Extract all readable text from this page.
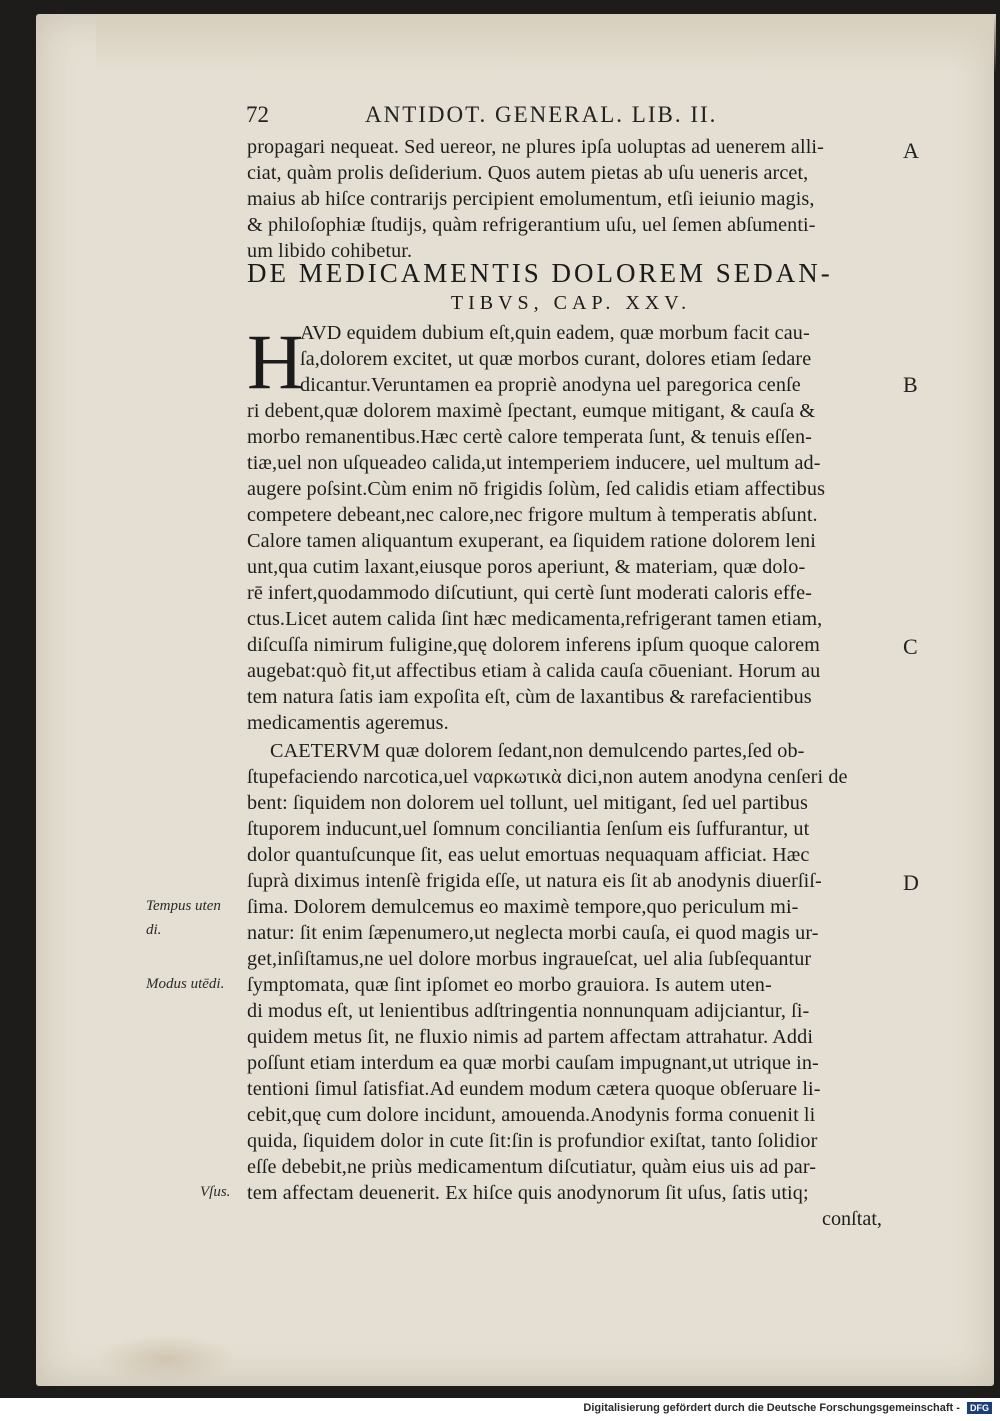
72	ANTIDOT. GENERAL. LIB. II.
propagari nequeat. Sed uereor, ne plures ipſa uoluptas ad uenerem alli-
ciat, quàm prolis deſiderium. Quos autem pietas ab uſu ueneris arcet,
maius ab hiſce contrarijs percipient emolumentum, etſi ieiunio magis,
& philoſophiæ ſtudijs, quàm refrigerantium uſu, uel ſemen abſumenti-
um libido cohibetur.
DE MEDICAMENTIS DOLOREM SEDAN-
TIBVS, CAP. XXV.
H
AVD equidem dubium eſt,quin eadem, quæ morbum facit cau-
ſa,dolorem excitet, ut quæ morbos curant, dolores etiam ſedare
dicantur.Veruntamen ea propriè anodyna uel paregorica cenſe
ri debent,quæ dolorem maximè ſpectant, eumque mitigant, & cauſa &
morbo remanentibus.Hæc certè calore temperata ſunt, & tenuis eſſen-
tiæ,uel non uſqueadeo calida,ut intemperiem inducere, uel multum ad-
augere poſsint.Cùm enim nō frigidis ſolùm, ſed calidis etiam affectibus
competere debeant,nec calore,nec frigore multum à temperatis abſunt.
Calore tamen aliquantum exuperant, ea ſiquidem ratione dolorem leni
unt,qua cutim laxant,eiusque poros aperiunt, & materiam, quæ dolo-
rē infert,quodammodo diſcutiunt, qui certè ſunt moderati caloris effe-
ctus.Licet autem calida ſint hæc medicamenta,refrigerant tamen etiam,
diſcuſſa nimirum fuligine,quę dolorem inferens ipſum quoque calorem
augebat:quò fit,ut affectibus etiam à calida cauſa cōueniant. Horum au
tem natura ſatis iam expoſita eſt, cùm de laxantibus & rarefacientibus
medicamentis ageremus.
CAETERVM quæ dolorem ſedant,non demulcendo partes,ſed ob-
ſtupefaciendo narcotica,uel ναρκωτικὰ dici,non autem anodyna cenſeri de
bent: ſiquidem non dolorem uel tollunt, uel mitigant, ſed uel partibus
ſtuporem inducunt,uel ſomnum conciliantia ſenſum eis ſuffurantur, ut
dolor quantuſcunque ſit, eas uelut emortuas nequaquam afficiat. Hæc
ſuprà diximus intenſè frigida eſſe, ut natura eis ſit ab anodynis diuerſiſ-
ſima. Dolorem demulcemus eo maximè tempore,quo periculum mi-
natur: ſit enim ſæpenumero,ut neglecta morbi cauſa, ei quod magis ur-
get,inſiſtamus,ne uel dolore morbus ingraueſcat, uel alia ſubſequantur
ſymptomata, quæ ſint ipſomet eo morbo grauiora. Is autem uten-
di modus eſt, ut lenientibus adſtringentia nonnunquam adijciantur, ſi-
quidem metus ſit, ne fluxio nimis ad partem affectam attrahatur. Addi
poſſunt etiam interdum ea quæ morbi cauſam impugnant,ut utrique in-
tentioni ſimul ſatisfiat.Ad eundem modum cætera quoque obſeruare li-
cebit,quę cum dolore incidunt, amouenda.Anodynis forma conuenit li
quida, ſiquidem dolor in cute ſit:ſin is profundior exiſtat, tanto ſolidior
eſſe debebit,ne priùs medicamentum diſcutiatur, quàm eius uis ad par-
tem affectam deuenerit. Ex hiſce quis anodynorum ſit uſus, ſatis utiq;
conſtat,
A
B
C
D
Tempus uten
di.
Modus utēdi.
Vſus.
Digitalisierung gefördert durch die Deutsche Forschungsgemeinschaft - DFG
